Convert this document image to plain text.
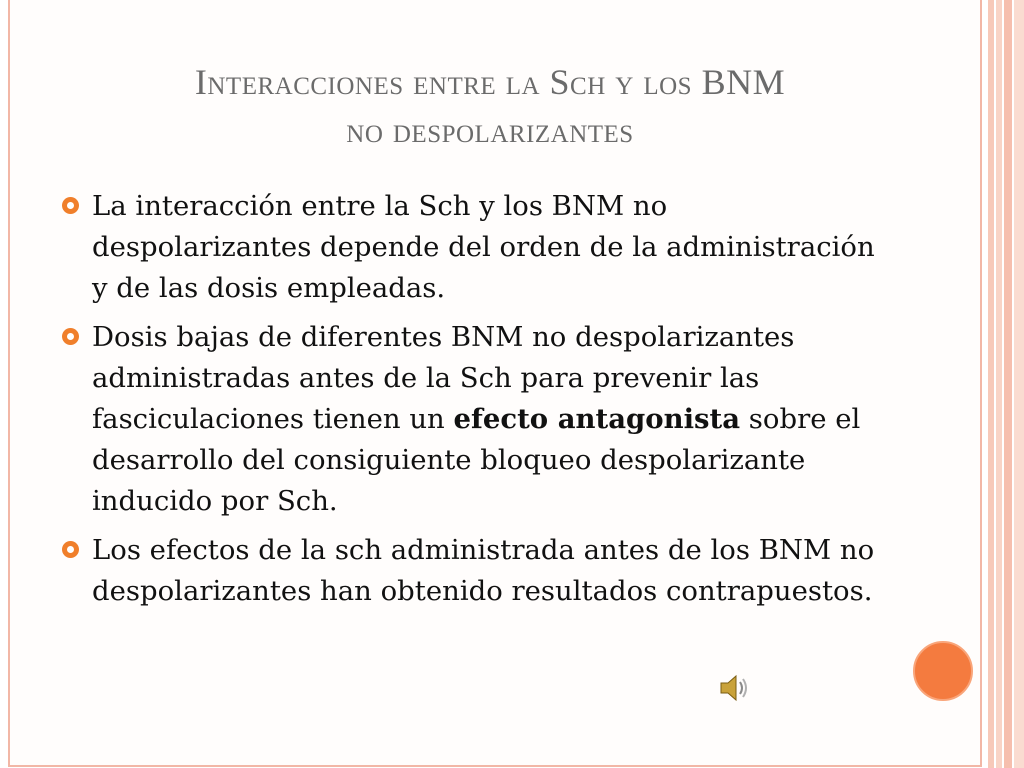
Interacciones entre la Sch y los BNM
no despolarizantes
La interacción entre la Sch y los BNM no despolarizantes depende del orden de la administración y de las dosis empleadas.
Dosis bajas de diferentes BNM no despolarizantes administradas antes de la Sch para prevenir las fasciculaciones tienen un efecto antagonista sobre el desarrollo del consiguiente bloqueo despolarizante inducido por Sch.
Los efectos de la sch administrada antes de los BNM no despolarizantes han obtenido resultados contrapuestos.
